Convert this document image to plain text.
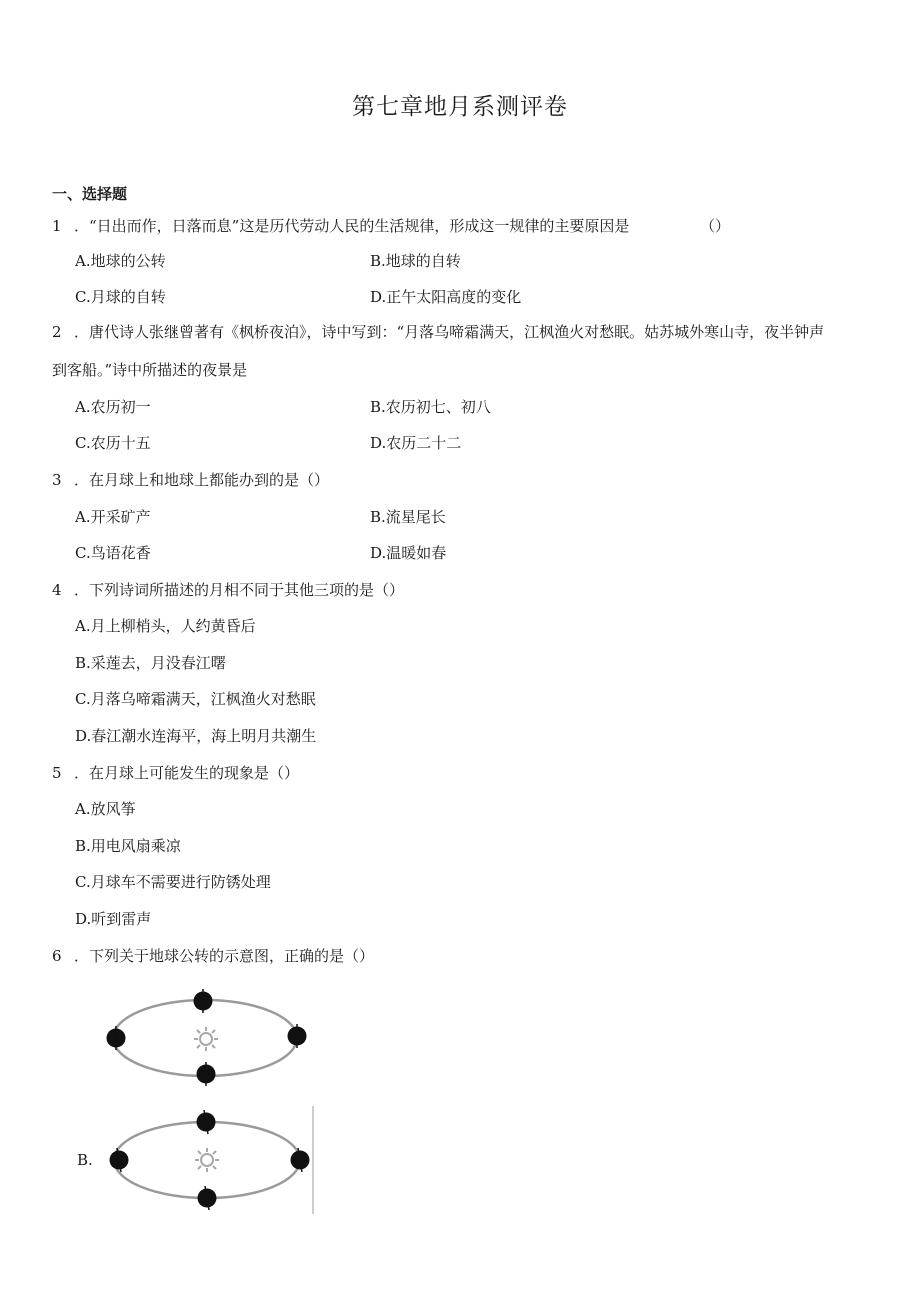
第七章地月系测评卷
一、选择题
1 ．“日出而作，日落而息”这是历代劳动人民的生活规律，形成这一规律的主要原因是	（）
A.地球的公转	B.地球的自转
C.月球的自转	D.正午太阳高度的变化
2 ．唐代诗人张继曾著有《枫桥夜泊》，诗中写到：“月落乌啼霜满天，江枫渔火对愁眠。姑苏城外寒山寺，夜半钟声
到客船。”诗中所描述的夜景是
A.农历初一	B.农历初七、初八
C.农历十五	D.农历二十二
3 ．在月球上和地球上都能办到的是（）
A.开采矿产	B.流星尾长
C.鸟语花香	D.温暖如春
4 ．下列诗词所描述的月相不同于其他三项的是（）
A.月上柳梢头，人约黄昏后
B.采莲去，月没春江曙
C.月落乌啼霜满天，江枫渔火对愁眠
D.春江潮水连海平，海上明月共潮生
5 ．在月球上可能发生的现象是（）
A.放风筝
B.用电风扇乘凉
C.月球车不需要进行防锈处理
D.听到雷声
6 ．下列关于地球公转的示意图，正确的是（）
B.
